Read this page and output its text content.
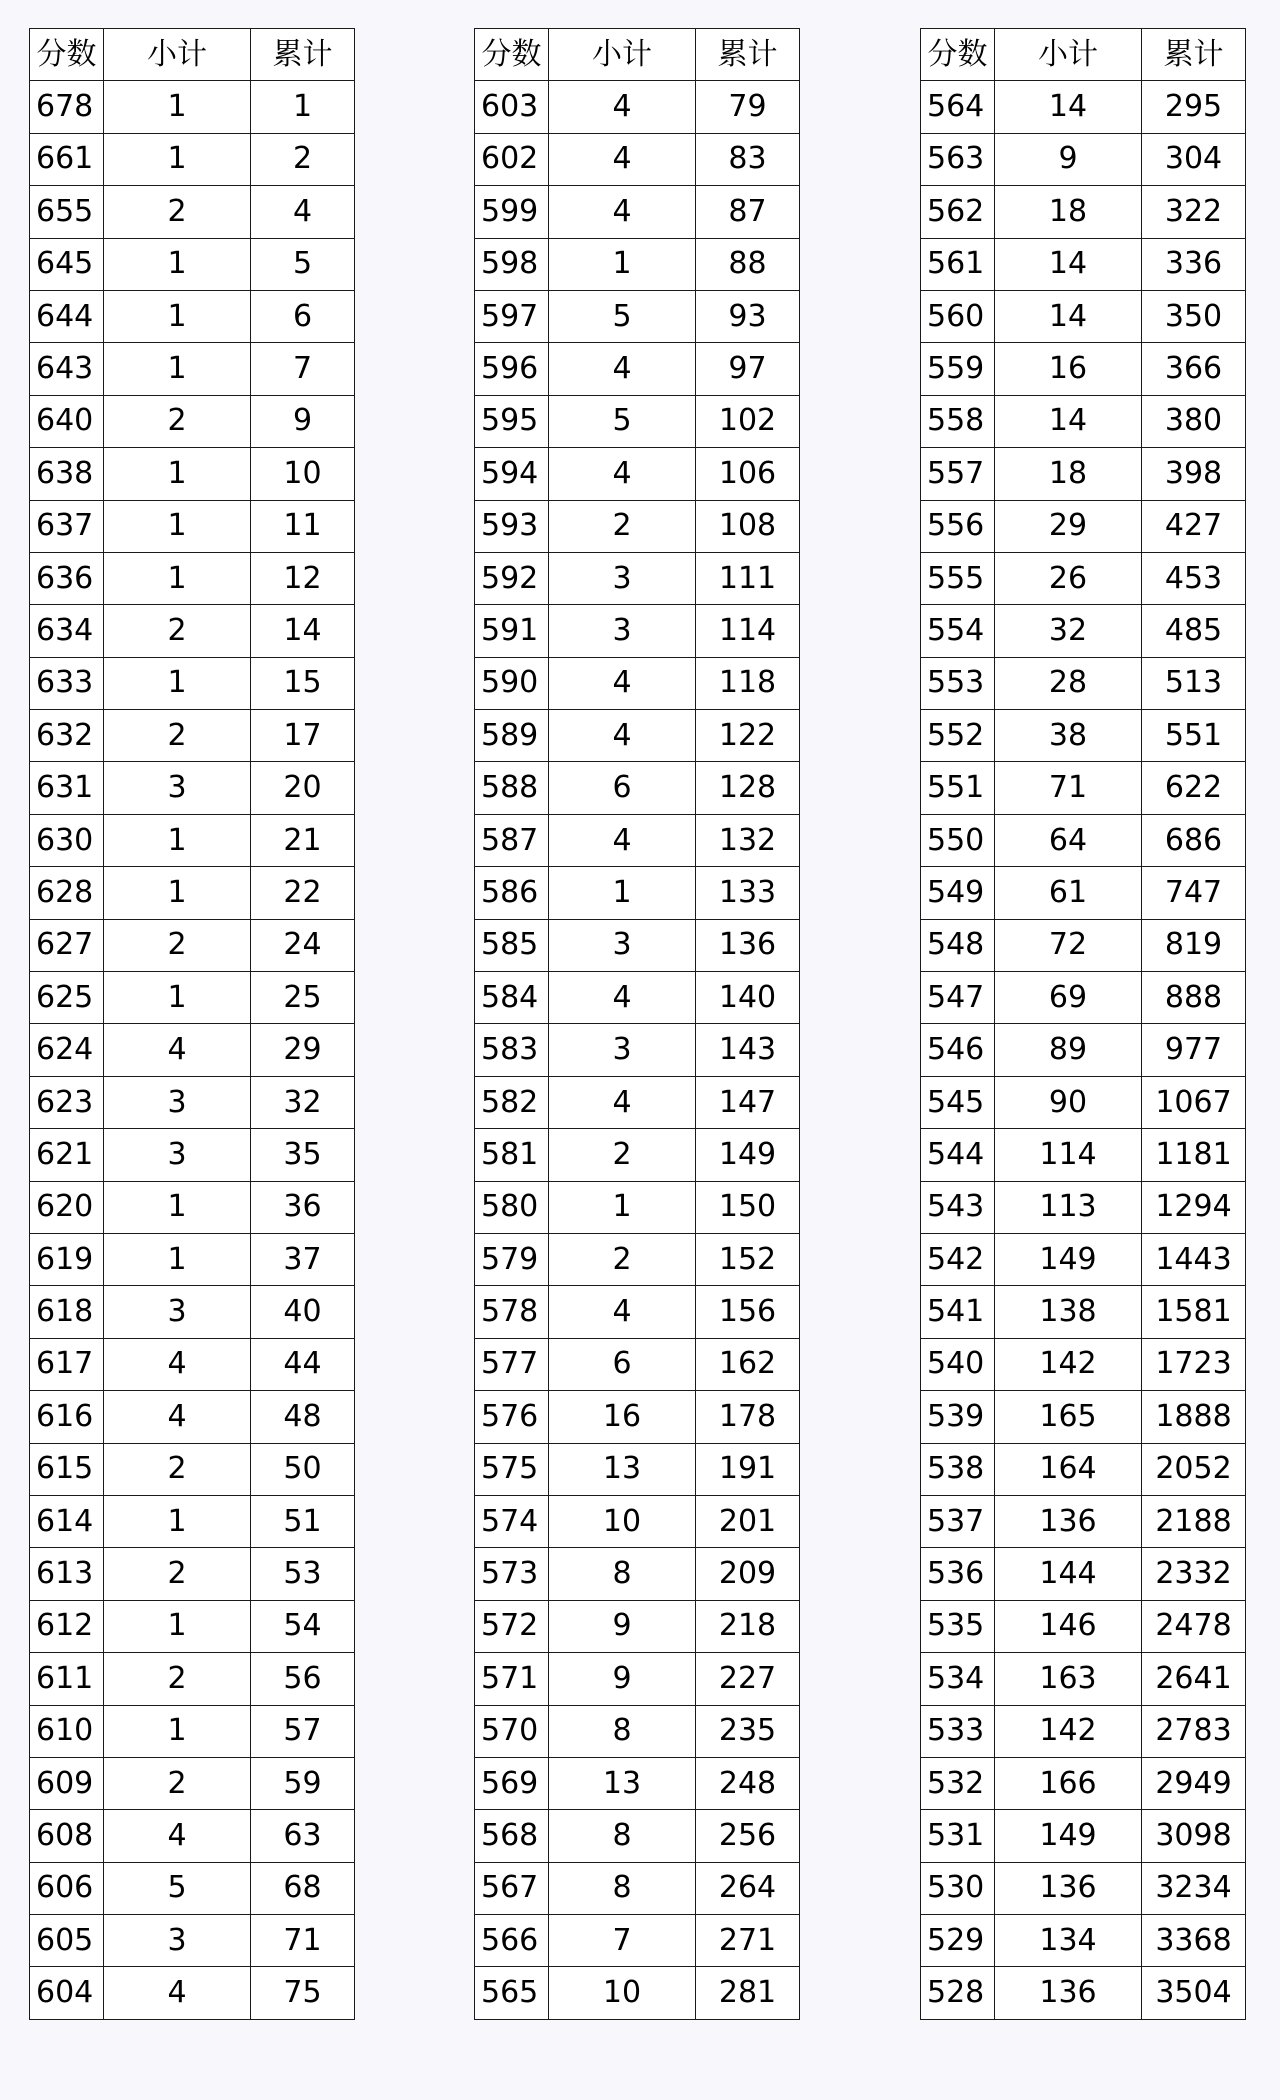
分数	小计	累计
678	1	1
661	1	2
655	2	4
645	1	5
644	1	6
643	1	7
640	2	9
638	1	10
637	1	11
636	1	12
634	2	14
633	1	15
632	2	17
631	3	20
630	1	21
628	1	22
627	2	24
625	1	25
624	4	29
623	3	32
621	3	35
620	1	36
619	1	37
618	3	40
617	4	44
616	4	48
615	2	50
614	1	51
613	2	53
612	1	54
611	2	56
610	1	57
609	2	59
608	4	63
606	5	68
605	3	71
604	4	75
分数	小计	累计
603	4	79
602	4	83
599	4	87
598	1	88
597	5	93
596	4	97
595	5	102
594	4	106
593	2	108
592	3	111
591	3	114
590	4	118
589	4	122
588	6	128
587	4	132
586	1	133
585	3	136
584	4	140
583	3	143
582	4	147
581	2	149
580	1	150
579	2	152
578	4	156
577	6	162
576	16	178
575	13	191
574	10	201
573	8	209
572	9	218
571	9	227
570	8	235
569	13	248
568	8	256
567	8	264
566	7	271
565	10	281
分数	小计	累计
564	14	295
563	9	304
562	18	322
561	14	336
560	14	350
559	16	366
558	14	380
557	18	398
556	29	427
555	26	453
554	32	485
553	28	513
552	38	551
551	71	622
550	64	686
549	61	747
548	72	819
547	69	888
546	89	977
545	90	1067
544	114	1181
543	113	1294
542	149	1443
541	138	1581
540	142	1723
539	165	1888
538	164	2052
537	136	2188
536	144	2332
535	146	2478
534	163	2641
533	142	2783
532	166	2949
531	149	3098
530	136	3234
529	134	3368
528	136	3504
